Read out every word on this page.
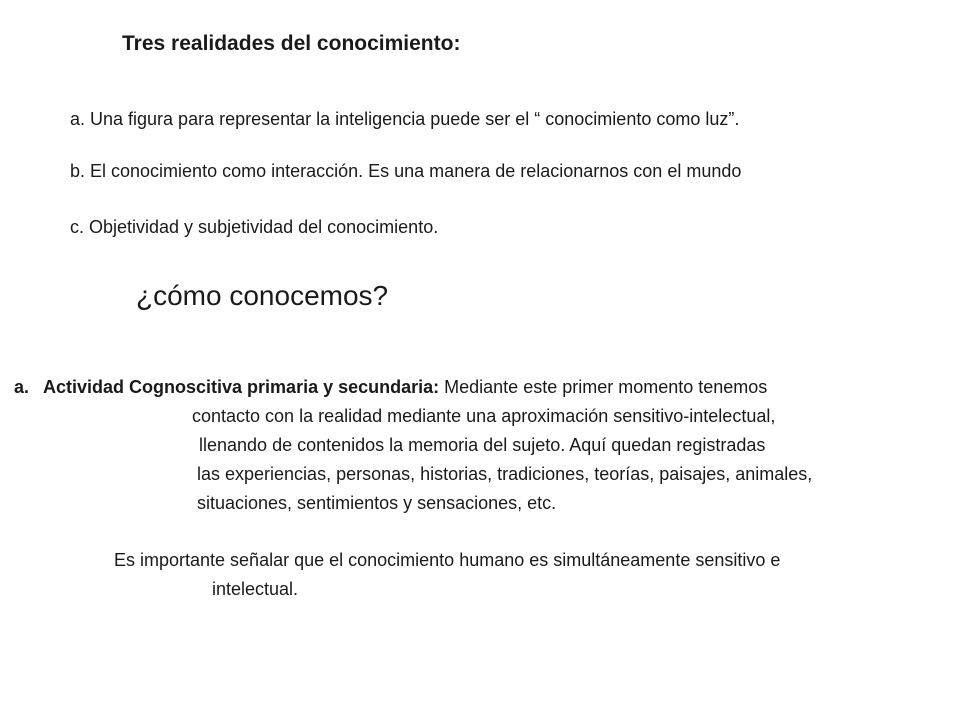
Tres realidades del conocimiento:
a. Una figura para representar la inteligencia puede ser el “ conocimiento como luz”.
b. El conocimiento como interacción. Es una manera de relacionarnos con el mundo
c. Objetividad y subjetividad del conocimiento.
¿cómo conocemos?
a. Actividad Cognoscitiva primaria y secundaria: Mediante este primer momento tenemos
contacto con la realidad mediante una aproximación sensitivo-intelectual,
llenando de contenidos la memoria del sujeto. Aquí quedan registradas
las experiencias, personas, historias, tradiciones, teorías, paisajes, animales,
situaciones, sentimientos y sensaciones, etc.
Es importante señalar que el conocimiento humano es simultáneamente sensitivo e
intelectual.
